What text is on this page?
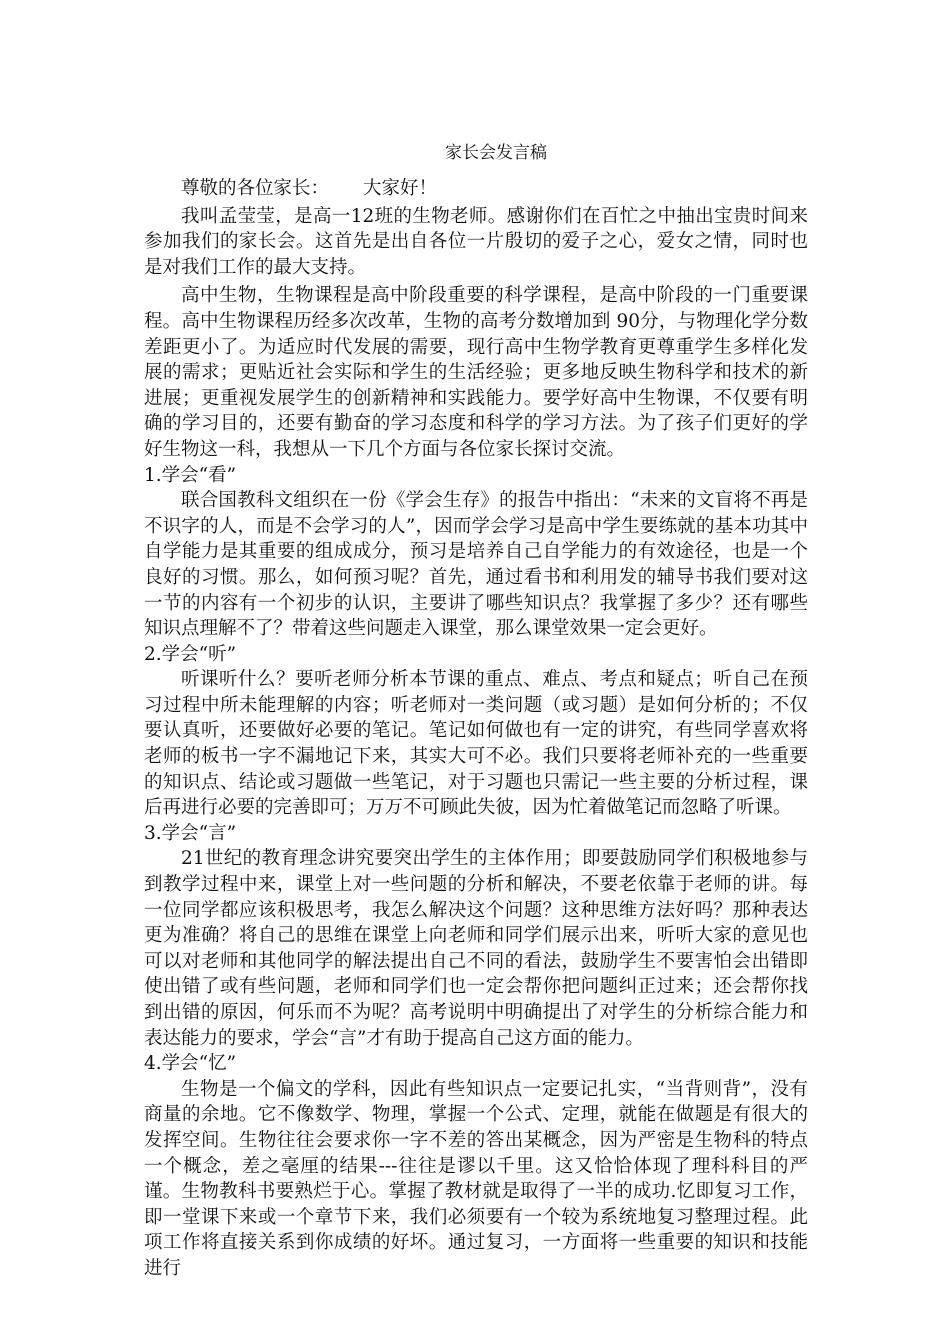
家长会发言稿

尊敬的各位家长： 大家好！

我叫孟莹莹，是高一12班的生物老师。感谢你们在百忙之中抽出宝贵时间来参加我们的家长会。这首先是出自各位一片殷切的爱子之心，爱女之情，同时也是对我们工作的最大支持。

高中生物，生物课程是高中阶段重要的科学课程，是高中阶段的一门重要课程。高中生物课程历经多次改革，生物的高考分数增加到 90分，与物理化学分数差距更小了。为适应时代发展的需要，现行高中生物学教育更尊重学生多样化发展的需求；更贴近社会实际和学生的生活经验；更多地反映生物科学和技术的新进展；更重视发展学生的创新精神和实践能力。要学好高中生物课，不仅要有明确的学习目的，还要有勤奋的学习态度和科学的学习方法。为了孩子们更好的学好生物这一科，我想从一下几个方面与各位家长探讨交流。

1.学会“看”

联合国教科文组织在一份《学会生存》的报告中指出：“未来的文盲将不再是不识字的人，而是不会学习的人”，因而学会学习是高中学生要练就的基本功其中自学能力是其重要的组成成分，预习是培养自己自学能力的有效途径，也是一个良好的习惯。那么，如何预习呢？首先，通过看书和利用发的辅导书我们要对这一节的内容有一个初步的认识，主要讲了哪些知识点？我掌握了多少？还有哪些知识点理解不了？带着这些问题走入课堂，那么课堂效果一定会更好。

2.学会“听”

听课听什么？要听老师分析本节课的重点、难点、考点和疑点；听自己在预习过程中所未能理解的内容；听老师对一类问题（或习题）是如何分析的；不仅要认真听，还要做好必要的笔记。笔记如何做也有一定的讲究，有些同学喜欢将老师的板书一字不漏地记下来，其实大可不必。我们只要将老师补充的一些重要的知识点、结论或习题做一些笔记，对于习题也只需记一些主要的分析过程，课后再进行必要的完善即可；万万不可顾此失彼，因为忙着做笔记而忽略了听课。

3.学会“言”

21世纪的教育理念讲究要突出学生的主体作用；即要鼓励同学们积极地参与到教学过程中来，课堂上对一些问题的分析和解决，不要老依靠于老师的讲。每一位同学都应该积极思考，我怎么解决这个问题？这种思维方法好吗？那种表达更为准确？将自己的思维在课堂上向老师和同学们展示出来，听听大家的意见也可以对老师和其他同学的解法提出自己不同的看法，鼓励学生不要害怕会出错即使出错了或有些问题，老师和同学们也一定会帮你把问题纠正过来；还会帮你找到出错的原因，何乐而不为呢？高考说明中明确提出了对学生的分析综合能力和表达能力的要求，学会“言”才有助于提高自己这方面的能力。

4.学会“忆”

生物是一个偏文的学科，因此有些知识点一定要记扎实，“当背则背”，没有商量的余地。它不像数学、物理，掌握一个公式、定理，就能在做题是有很大的发挥空间。生物往往会要求你一字不差的答出某概念，因为严密是生物科的特点一个概念，差之毫厘的结果---往往是谬以千里。这又恰恰体现了理科科目的严谨。生物教科书要熟烂于心。掌握了教材就是取得了一半的成功.忆即复习工作，即一堂课下来或一个章节下来，我们必须要有一个较为系统地复习整理过程。此项工作将直接关系到你成绩的好坏。通过复习，一方面将一些重要的知识和技能进行
